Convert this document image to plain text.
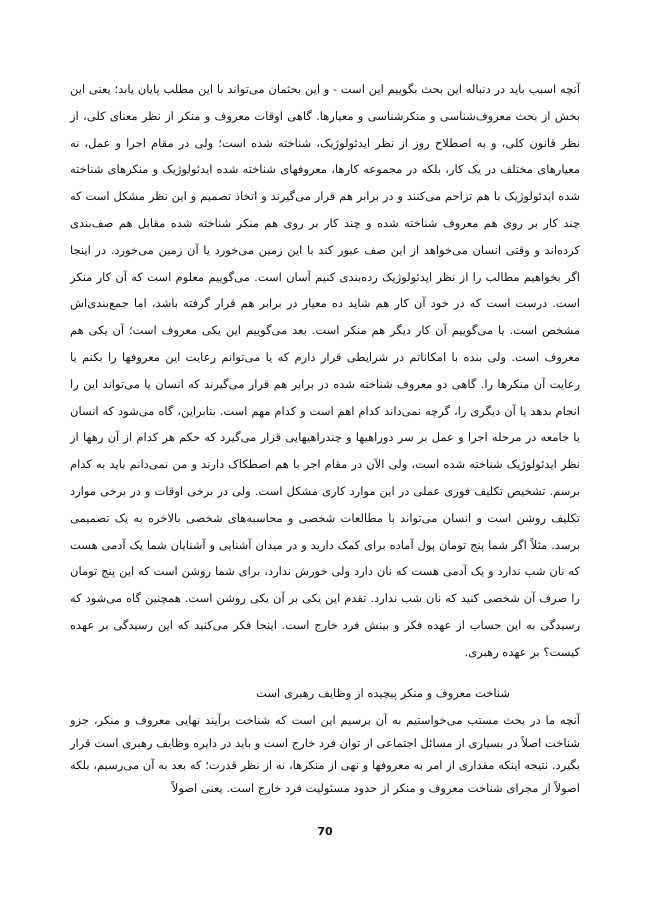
آنچه اسبب باید در دنباله این بحث بگوییم این است - و این بحثمان می‌تواند با این مطلب پایان یابد؛ یعنی این بخش از بحث معروف‌شناسی و منکرشناسی و معیارها. گاهی اوقات معروف و منکر از نظر معنای کلی، از نظر قانون کلی، و به اصطلاح روز از نظر ایدئولوژیک، شناخته شده است؛ ولی در مقام اجرا و عمل، نه معیارهای مختلف در یک کار، بلکه در مجموعه کارها، معروفهای شناخته شده ایدئولوژیک و منکرهای شناخته شده ایدئولوژیک با هم تزاحم می‌کنند و در برابر هم قرار می‌گیرند و اتخاذ تصمیم و این نظر مشکل است که چند کار بر روی هم معروف شناخته شده و چند کار بر روی هم منکر شناخته شده مقابل هم صف‌بندی کرده‌اند و وقتی انسان می‌خواهد از این صف عبور کند با این زمین می‌خورد یا آن زمین می‌خورد. در اینجا اگر بخواهیم مطالب را از نظر ایدئولوژیک رده‌بندی کنیم آسان است. می‌گوییم معلوم است که آن کار منکر است. درست است که در خود آن کار هم شاید ده معیار در برابر هم قرار گرفته باشد، اما جمع‌بندی‌اش مشخص است. یا می‌گوییم آن کار دیگر هم منکر است. بعد می‌گوییم این یکی معروف است؛ آن یکی هم معروف است. ولی بنده با امکاناتم در شرایطی قرار دارم که یا می‌توانم رعایت این معروفها را بکنم یا رعایت آن منکرها را. گاهی دو معروف شناخته شده در برابر هم قرار می‌گیرند که انسان یا می‌تواند این را انجام بدهد یا آن دیگری را، گرچه نمی‌داند کدام اهم است و کدام مهم است. بنابراین، گاه می‌شود که انسان یا جامعه در مرحله اجرا و عمل بر سر دوراهیها و چندراهیهایی قرار می‌گیرد که حکم هر کدام از آن رهها از نظر ایدئولوژیک شناخته شده است، ولی الآن در مقام اجر با هم اصطکاک دارند و من نمی‌دانم باید به کدام برسم. تشخیص تکلیف فوری عملی در این موارد کاری مشکل است. ولی در برخی اوقات و در برخی موارد تکلیف روشن است و انسان می‌تواند با مطالعات شخصی و محاسبه‌های شخصی بالاخره به یک تصمیمی برسد. مثلاً اگر شما پنج تومان پول آماده برای کمک دارید و در میدان آشنایی و آشنایان شما یک آدمی هست که نان شب ندارد و یک آدمی هست که نان دارد ولی خورش ندارد، برای شما روشن است که این پنج تومان را صرف آن شخصی کنید که نان شب ندارد. تقدم این یکی بر آن یکی روشن است. همچنین گاه می‌شود که رسیدگی به این حساب از عهده فکر و بینش فرد خارج است. اینجا فکر می‌کنید که این رسیدگی بر عهده کیست؟ بر عهده رهبری.

شناخت معروف و منکر پیچیده از وظایف رهبری است

آنچه ما در بحث مستب می‌خواستیم به آن برسیم این است که شناخت برآیند نهایی معروف و منکر، جزو شناخت اصلاً در بسیاری از مسائل اجتماعی از توان فرد خارج است و باید در دایره وظایف رهبری است قرار بگیرد. نتیجه اینکه مقداری از امر به معروفها و نهی از منکرها، نه از نظر قدرت؛ که بعد به آن می‌رسیم، بلکه اصولاً از مجرای شناخت معروف و منکر از حدود مسئولیت فرد خارج است. یعنی اصولاً

70
